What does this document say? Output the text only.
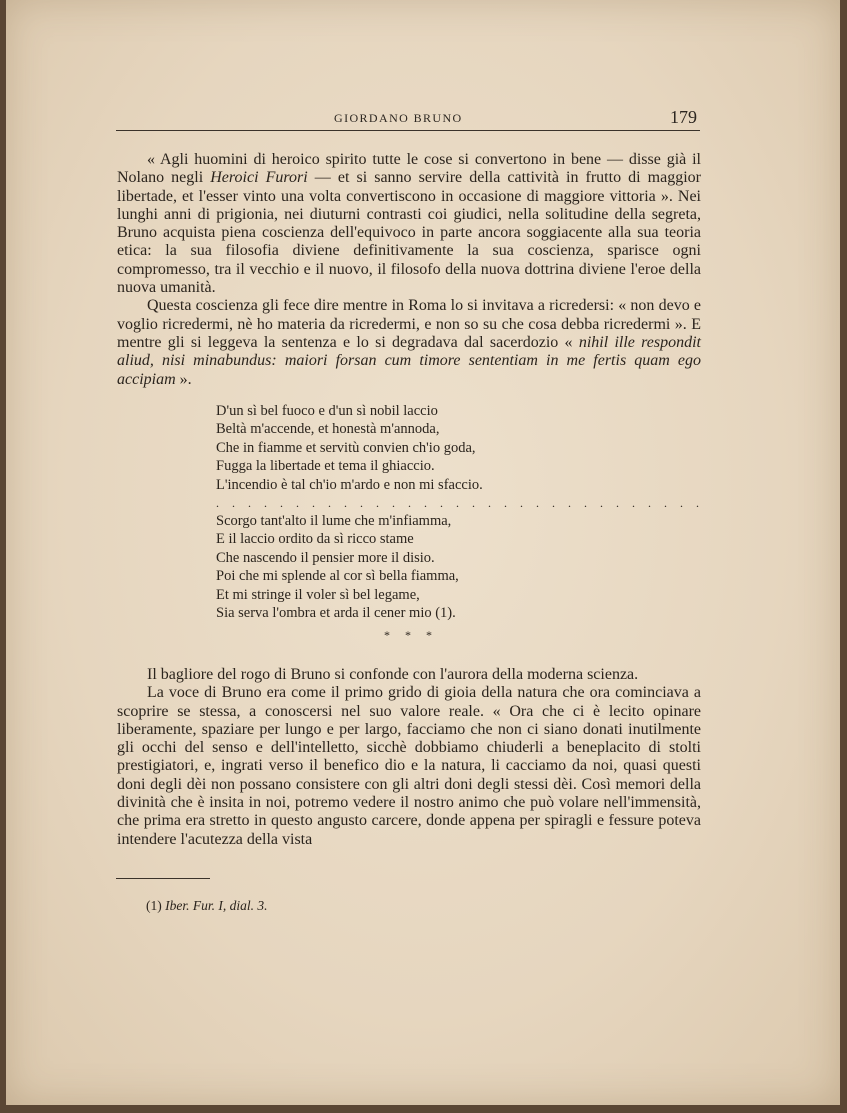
GIORDANO BRUNO	179

« Agli huomini di heroico spirito tutte le cose si convertono in bene — disse già il Nolano negli Heroici Furori — et si sanno servire della cattività in frutto di maggior libertade, et l'esser vinto una volta convertiscono in occasione di maggiore vittoria ». Nei lunghi anni di prigionia, nei diuturni contrasti coi giudici, nella solitudine della segreta, Bruno acquista piena coscienza dell'equivoco in parte ancora soggiacente alla sua teoria etica: la sua filosofia diviene definitivamente la sua coscienza, sparisce ogni compromesso, tra il vecchio e il nuovo, il filosofo della nuova dottrina diviene l'eroe della nuova umanità.

Questa coscienza gli fece dire mentre in Roma lo si invitava a ricredersi: « non devo e voglio ricredermi, nè ho materia da ricredermi, e non so su che cosa debba ricredermi ». E mentre gli si leggeva la sentenza e lo si degradava dal sacerdozio « nihil ille respondit aliud, nisi minabundus: maiori forsan cum timore sententiam in me fertis quam ego accipiam ».

D'un sì bel fuoco e d'un sì nobil laccio
Beltà m'accende, et honestà m'annoda,
Che in fiamme et servitù convien ch'io goda,
Fugga la libertade et tema il ghiaccio.
L'incendio è tal ch'io m'ardo e non mi sfaccio.
. . . . . . . . . . . . . . . . . . . . . . . . . . . . . . .
Scorgo tant'alto il lume che m'infiamma,
E il laccio ordito da sì ricco stame
Che nascendo il pensier more il disio.
Poi che mi splende al cor sì bella fiamma,
Et mi stringe il voler sì bel legame,
Sia serva l'ombra et arda il cener mio (1).
* * *

Il bagliore del rogo di Bruno si confonde con l'aurora della moderna scienza.

La voce di Bruno era come il primo grido di gioia della natura che ora cominciava a scoprire se stessa, a conoscersi nel suo valore reale. « Ora che ci è lecito opinare liberamente, spaziare per lungo e per largo, facciamo che non ci siano donati inutilmente gli occhi del senso e dell'intelletto, sicchè dobbiamo chiuderli a beneplacito di stolti prestigiatori, e, ingrati verso il benefico dio e la natura, li cacciamo da noi, quasi questi doni degli dèi non possano consistere con gli altri doni degli stessi dèi. Così memori della divinità che è insita in noi, potremo vedere il nostro animo che può volare nell'immensità, che prima era stretto in questo angusto carcere, donde appena per spiragli e fessure poteva intendere l'acutezza della vista

(1) Iber. Fur. I, dial. 3.
